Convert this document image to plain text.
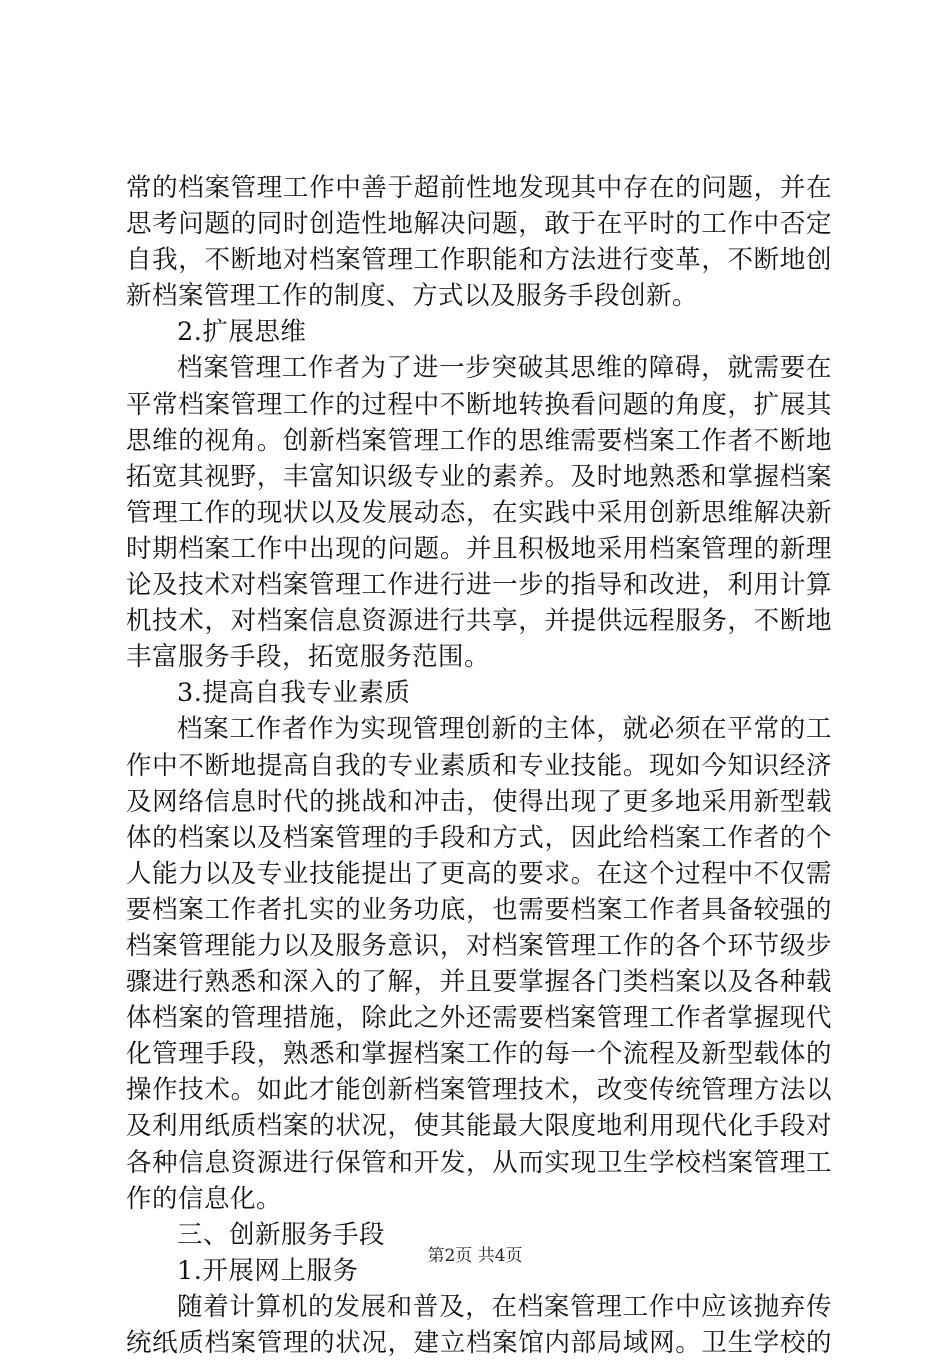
常的档案管理工作中善于超前性地发现其中存在的问题，并在
思考问题的同时创造性地解决问题，敢于在平时的工作中否定
自我，不断地对档案管理工作职能和方法进行变革，不断地创
新档案管理工作的制度、方式以及服务手段创新。
2.扩展思维
档案管理工作者为了进一步突破其思维的障碍，就需要在
平常档案管理工作的过程中不断地转换看问题的角度，扩展其
思维的视角。创新档案管理工作的思维需要档案工作者不断地
拓宽其视野，丰富知识级专业的素养。及时地熟悉和掌握档案
管理工作的现状以及发展动态，在实践中采用创新思维解决新
时期档案工作中出现的问题。并且积极地采用档案管理的新理
论及技术对档案管理工作进行进一步的指导和改进，利用计算
机技术，对档案信息资源进行共享，并提供远程服务，不断地
丰富服务手段，拓宽服务范围。
3.提高自我专业素质
档案工作者作为实现管理创新的主体，就必须在平常的工
作中不断地提高自我的专业素质和专业技能。现如今知识经济
及网络信息时代的挑战和冲击，使得出现了更多地采用新型载
体的档案以及档案管理的手段和方式，因此给档案工作者的个
人能力以及专业技能提出了更高的要求。在这个过程中不仅需
要档案工作者扎实的业务功底，也需要档案工作者具备较强的
档案管理能力以及服务意识，对档案管理工作的各个环节级步
骤进行熟悉和深入的了解，并且要掌握各门类档案以及各种载
体档案的管理措施，除此之外还需要档案管理工作者掌握现代
化管理手段，熟悉和掌握档案工作的每一个流程及新型载体的
操作技术。如此才能创新档案管理技术，改变传统管理方法以
及利用纸质档案的状况，使其能最大限度地利用现代化手段对
各种信息资源进行保管和开发，从而实现卫生学校档案管理工
作的信息化。
三、创新服务手段
1.开展网上服务
随着计算机的发展和普及，在档案管理工作中应该抛弃传
统纸质档案管理的状况，建立档案馆内部局域网。卫生学校的
第2页 共4页
